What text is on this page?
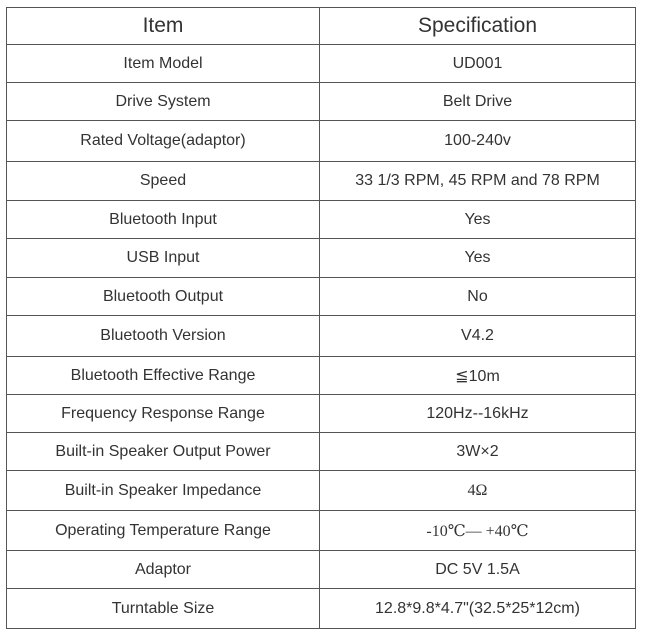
Item	Specification
Item Model	UD001
Drive System	Belt Drive
Rated Voltage(adaptor)	100-240v
Speed	33 1/3 RPM, 45 RPM and 78 RPM
Bluetooth Input	Yes
USB Input	Yes
Bluetooth Output	No
Bluetooth Version	V4.2
Bluetooth Effective Range	≦10m
Frequency Response Range	120Hz--16kHz
Built-in Speaker Output Power	3W×2
Built-in Speaker Impedance	4Ω
Operating Temperature Range	-10℃— +40℃
Adaptor	DC 5V 1.5A
Turntable Size	12.8*9.8*4.7"(32.5*25*12cm)
